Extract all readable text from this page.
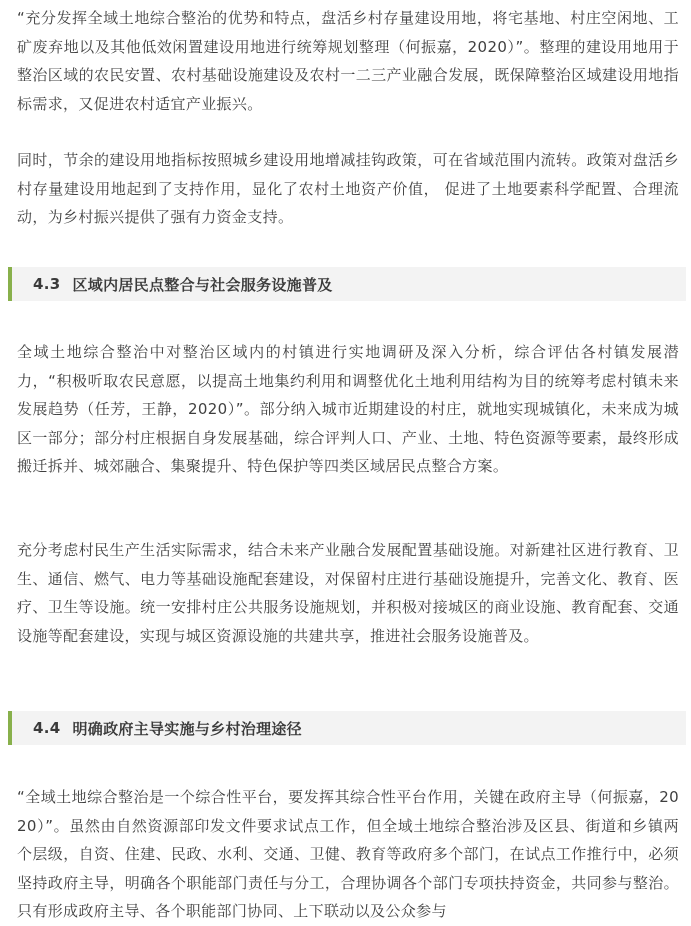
“充分发挥全域土地综合整治的优势和特点，盘活乡村存量建设用地，将宅基地、村庄空闲地、工矿废弃地以及其他低效闲置建设用地进行统筹规划整理（何振嘉，2020）”。整理的建设用地用于整治区域的农民安置、农村基础设施建设及农村一二三产业融合发展，既保障整治区域建设用地指标需求，又促进农村适宜产业振兴。

同时，节余的建设用地指标按照城乡建设用地增减挂钩政策，可在省域范围内流转。政策对盘活乡村存量建设用地起到了支持作用，显化了农村土地资产价值， 促进了土地要素科学配置、合理流动，为乡村振兴提供了强有力资金支持。

4.3 区域内居民点整合与社会服务设施普及

全域土地综合整治中对整治区域内的村镇进行实地调研及深入分析，综合评估各村镇发展潜力，“积极听取农民意愿，以提高土地集约利用和调整优化土地利用结构为目的统筹考虑村镇未来发展趋势（任芳，王静，2020）”。部分纳入城市近期建设的村庄，就地实现城镇化，未来成为城区一部分；部分村庄根据自身发展基础，综合评判人口、产业、土地、特色资源等要素，最终形成搬迁拆并、城郊融合、集聚提升、特色保护等四类区域居民点整合方案。

充分考虑村民生产生活实际需求，结合未来产业融合发展配置基础设施。对新建社区进行教育、卫生、通信、燃气、电力等基础设施配套建设，对保留村庄进行基础设施提升，完善文化、教育、医疗、卫生等设施。统一安排村庄公共服务设施规划，并积极对接城区的商业设施、教育配套、交通设施等配套建设，实现与城区资源设施的共建共享，推进社会服务设施普及。

4.4 明确政府主导实施与乡村治理途径

“全域土地综合整治是一个综合性平台，要发挥其综合性平台作用，关键在政府主导（何振嘉，2020）”。虽然由自然资源部印发文件要求试点工作，但全域土地综合整治涉及区县、街道和乡镇两个层级，自资、住建、民政、水利、交通、卫健、教育等政府多个部门，在试点工作推行中，必须坚持政府主导，明确各个职能部门责任与分工，合理协调各个部门专项扶持资金，共同参与整治。只有形成政府主导、各个职能部门协同、上下联动以及公众参与
